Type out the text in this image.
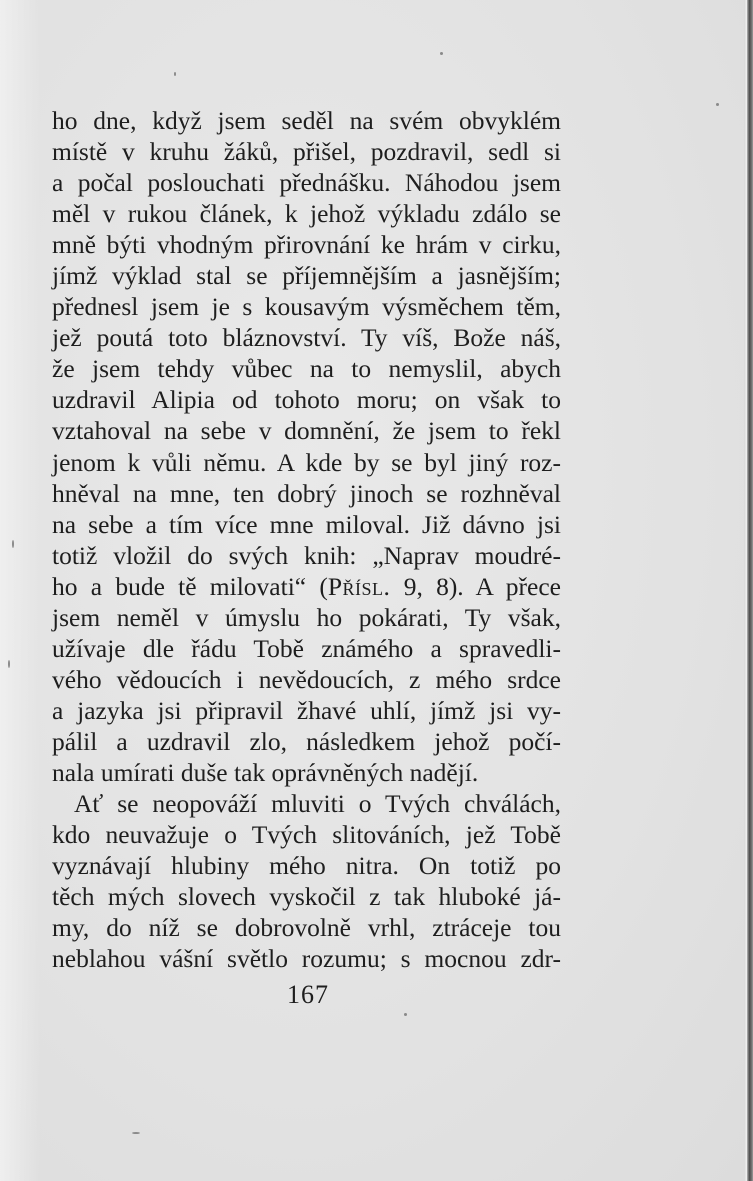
ho dne, když jsem seděl na svém obvyklém
místě v kruhu žáků, přišel, pozdravil, sedl si
a počal poslouchati přednášku. Náhodou jsem
měl v rukou článek, k jehož výkladu zdálo se
mně býti vhodným přirovnání ke hrám v cirku,
jímž výklad stal se příjemnějším a jasnějším;
přednesl jsem je s kousavým výsměchem těm,
jež poutá toto bláznovství. Ty víš, Bože náš,
že jsem tehdy vůbec na to nemyslil, abych
uzdravil Alipia od tohoto moru; on však to
vztahoval na sebe v domnění, že jsem to řekl
jenom k vůli němu. A kde by se byl jiný roz-
hněval na mne, ten dobrý jinoch se rozhněval
na sebe a tím více mne miloval. Již dávno jsi
totiž vložil do svých knih: „Naprav moudré-
ho a bude tě milovati“ (Přísl. 9, 8). A přece
jsem neměl v úmyslu ho pokárati, Ty však,
užívaje dle řádu Tobě známého a spravedli-
vého vědoucích i nevědoucích, z mého srdce
a jazyka jsi připravil žhavé uhlí, jímž jsi vy-
pálil a uzdravil zlo, následkem jehož počí-
nala umírati duše tak oprávněných nadějí.
Ať se neopováží mluviti o Tvých chválách,
kdo neuvažuje o Tvých slitováních, jež Tobě
vyznávají hlubiny mého nitra. On totiž po
těch mých slovech vyskočil z tak hluboké já-
my, do níž se dobrovolně vrhl, ztráceje tou
neblahou vášní světlo rozumu; s mocnou zdr-
167
